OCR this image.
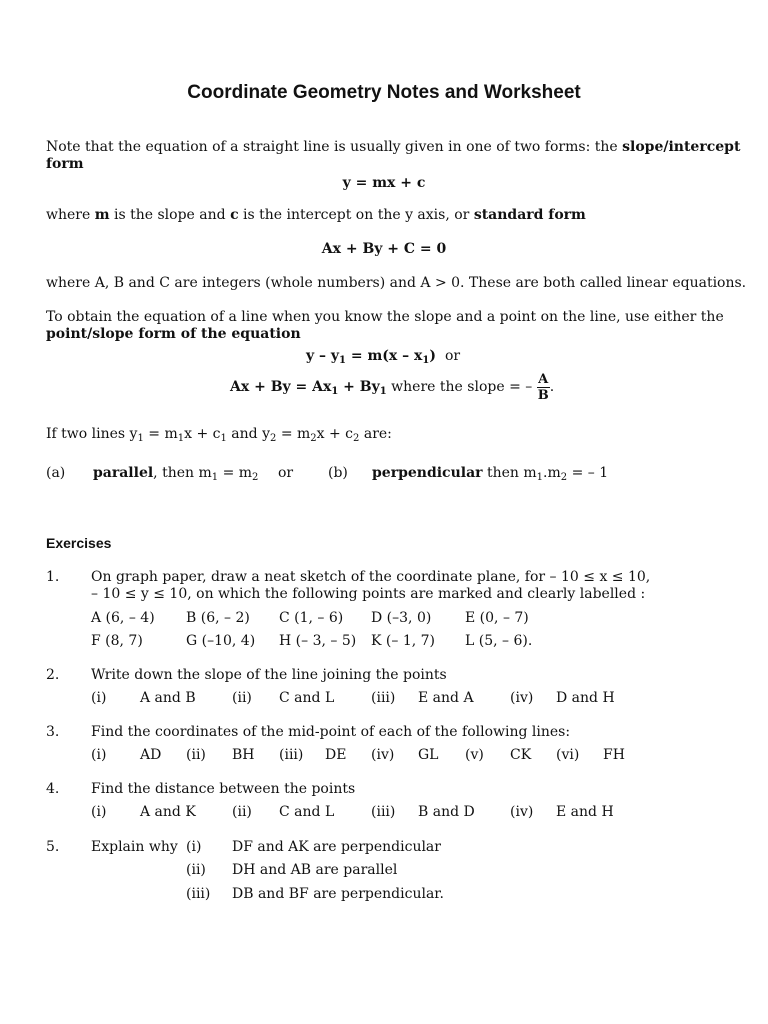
Coordinate Geometry Notes and Worksheet
Note that the equation of a straight line is usually given in one of two forms: the slope/intercept
form
y = mx + c
where m is the slope and c is the intercept on the y axis, or standard form
Ax + By + C = 0
where A, B and C are integers (whole numbers) and A > 0. These are both called linear equations.
To obtain the equation of a line when you know the slope and a point on the line, use either the
point/slope form of the equation
$y - y_1 = m(x - x_1)$ or
$Ax + By = Ax_1 + By_1$ where the slope = – $\frac{A}{B}$ .
If two lines $y_1 = m_1x + c_1$ and $y_2 = m_2x + c_2$ are:
(a) parallel, then $m_1 = m_2$ or (b) perpendicular then $m_1.m_2$ = – 1
Exercises
1. On graph paper, draw a neat sketch of the coordinate plane, for – 10 ≤ x ≤ 10,
– 10 ≤ y ≤ 10, on which the following points are marked and clearly labelled :
A (6, – 4) B (6, – 2) C (1, – 6) D (–3, 0) E (0, – 7)
F (8, 7)	G (–10, 4) H (– 3, – 5) K (– 1, 7) L (5, – 6).
2. Write down the slope of the line joining the points
(i) A and B	(ii) C and L	(iii) E and A	(iv) D and H
3. Find the coordinates of the mid-point of each of the following lines:
(i) AD (ii) BH (iii) DE (iv) GL (v) CK (vi) FH
4. Find the distance between the points
(i) A and K	(ii) C and L	(iii) B and D	(iv) E and H
5. Explain why (i) DF and AK are perpendicular
(ii) DH and AB are parallel
(iii) DB and BF are perpendicular.
